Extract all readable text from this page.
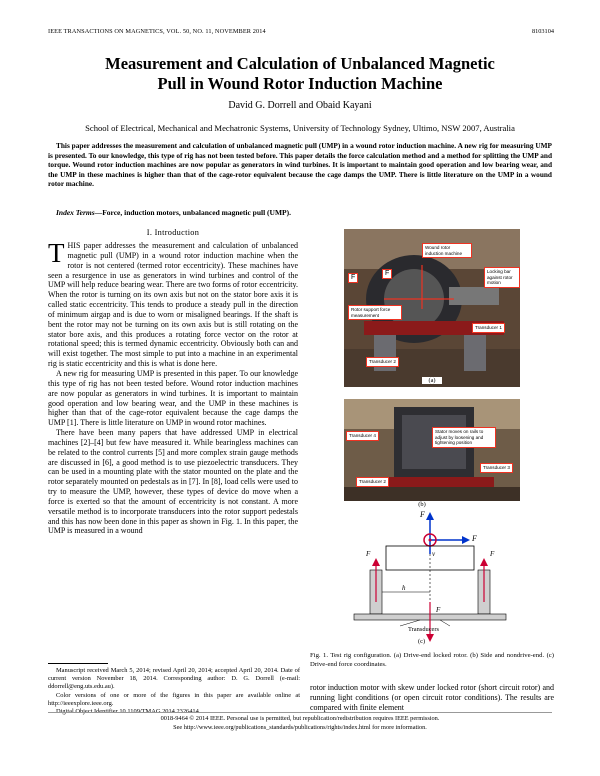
IEEE TRANSACTIONS ON MAGNETICS, VOL. 50, NO. 11, NOVEMBER 2014	8103104
Measurement and Calculation of Unbalanced Magnetic
Pull in Wound Rotor Induction Machine
David G. Dorrell and Obaid Kayani
School of Electrical, Mechanical and Mechatronic Systems, University of Technology Sydney, Ultimo, NSW 2007, Australia
This paper addresses the measurement and calculation of unbalanced magnetic pull (UMP) in a wound rotor induction machine. A new rig for measuring UMP is presented. To our knowledge, this type of rig has not been tested before. This paper details the force calculation method and a method for splitting the UMP and torque. Wound rotor induction machines are now popular as generators in wind turbines. It is important to maintain good operation and low bearing wear, and the UMP in these machines is higher than that of the cage-rotor equivalent because the cage damps the UMP. There is little literature on the UMP in a wound rotor machine.
Index Terms—Force, induction motors, unbalanced magnetic pull (UMP).
I. Introduction

THIS paper addresses the measurement and calculation of unbalanced magnetic pull (UMP) in a wound rotor induction machine when the rotor is not centered (termed rotor eccentricity). These machines have seen a resurgence in use as generators in wind turbines and control of the UMP will help reduce bearing wear. There are two forms of rotor eccentricity. When the rotor is turning on its own axis but not on the stator bore axis it is called static eccentricity. This tends to produce a steady pull in the direction of minimum airgap and is due to worn or misaligned bearings. If the shaft is bent the rotor may not be turning on its own axis but is still rotating on the stator bore axis, and this produces a rotating force vector on the rotor at rotational speed; this is termed dynamic eccentricity. Obviously both can and will exist together. The most simple to put into a machine in an experimental rig is static eccentricity and this is what is done here.

A new rig for measuring UMP is presented in this paper. To our knowledge this type of rig has not been tested before. Wound rotor induction machines are now popular as generators in wind turbines. It is important to maintain good operation and low bearing wear, and the UMP in these machines is higher than that of the cage-rotor equivalent because the cage damps the UMP [1]. There is little literature on UMP in wound rotor machines.

There have been many papers that have addressed UMP in electrical machines [2]–[4] but few have measured it. While bearingless machines can be related to the control currents [5] and more complex strain gauge methods are discussed in [6], a good method is to use piezoelectric transducers. They can be used in a mounting plate with the stator mounted on the plate and the rotor separately mounted on pedestals as in [7]. In [8], load cells were used to try to measure the UMP, however, these types of device do move when a force is exerted so that the amount of eccentricity is not constant. A more versatile method is to incorporate transducers into the rotor support pedestals and this has now been done in this paper as shown in Fig. 1. In this paper, the UMP is measured in a wound

Manuscript received March 5, 2014; revised April 20, 2014; accepted April 20, 2014. Date of current version November 18, 2014. Corresponding author: D. G. Dorrell (e-mail: ddorrell@eng.uts.edu.au).

Color versions of one or more of the figures in this paper are available online at http://ieeexplore.ieee.org.

Digital Object Identifier 10.1109/TMAG.2014.2326414

Wound rotor induction machine
Locking bar against rotor motion
F
F
Rotor support force measurement
Transducer 1
Transducer 2
(a)
Transducer 4
Stator moves on rails to adjust by loosening and tightening position
Transducer 3
Transducer 2
(b)
F
F
v
F	F
h
F
Transducers
(c)
Fig. 1. Test rig configuration. (a) Drive-end locked rotor. (b) Side and nondrive-end. (c) Drive-end force coordinates.
rotor induction motor with skew under locked rotor (short circuit rotor) and running light conditions (or open circuit rotor conditions). The results are compared with finite element
0018-9464 © 2014 IEEE. Personal use is permitted, but republication/redistribution requires IEEE permission.
See http://www.ieee.org/publications_standards/publications/rights/index.html for more information.
